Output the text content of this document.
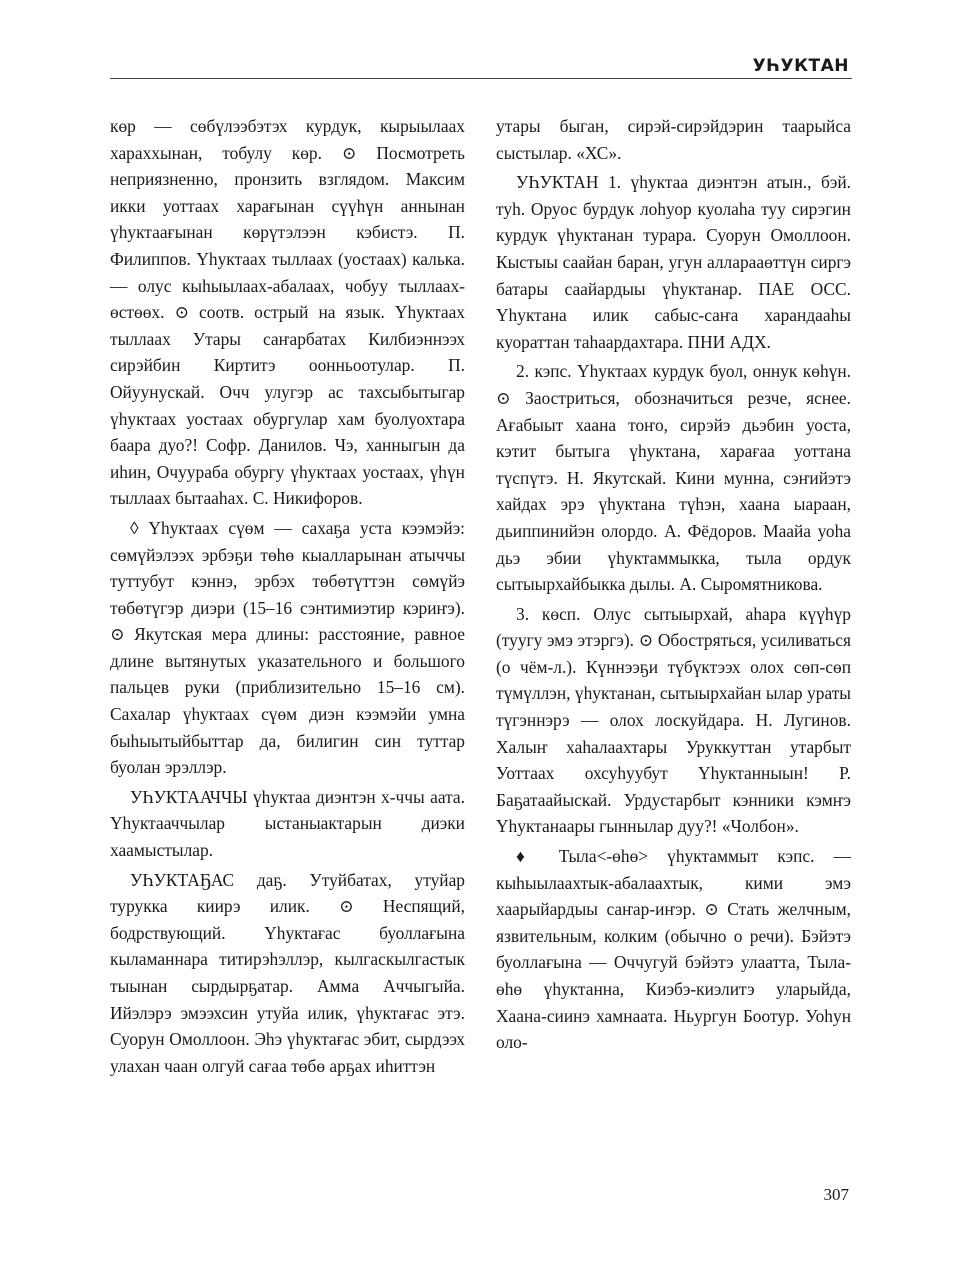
УҺУКТАН

көр — сөбүлээбэтэх курдук, кырыылаах хараххынан, тобулу көр. ⊙ Посмотреть неприязненно, пронзить взглядом. Максим икки уоттаах харағынан сүүһүн аннынан үһуктаағынан көрүтэлээн кэбистэ. П. Филиппов. Үһуктаах тыллаах (уостаах) калька. — олус кыһыылаах-абалаах, чобуу тыллаах-өстөөх. ⊙ соотв. острый на язык. Үһуктаах тыллаах Утары саҥарбатах Килбиэннээх сирэйбин Киртитэ оонньоотулар. П. Ойуунускай. Очч улугэр ас тахсыбытыгар үһуктаах уостаах обургулар хам буолуохтара баара дуо?! Софр. Данилов. Чэ, ханныгын да иһин, Очуураба обургу үһуктаах уостаах, үһүн тыллаах бытааһах. С. Никифоров.

◊ Үһуктаах сүөм — сахаҕа уста кээмэйэ: сөмүйэлээх эрбэҕи төһө кыалларынан атыччы туттубут кэннэ, эрбэх төбөтүттэн сөмүйэ төбөтүгэр диэри (15–16 сэнтимиэтир кэриҥэ). ⊙ Якутская мера длины: расстояние, равное длине вытянутых указательного и большого пальцев руки (приблизительно 15–16 см). Сахалар үһуктаах сүөм диэн кээмэйи умна быһыытыйбыттар да, билигин син туттар буолан эрэллэр.

УҺУКТААЧЧЫ үһуктаа диэнтэн х-ччы аата. Үһуктааччылар ыстаныактарын диэки хаамыстылар.

УҺУКТАҔАС даҕ. Утуйбатах, утуйар турукка киирэ илик. ⊙ Неспящий, бодрствующий. Үһуктағас буоллағына кыламаннара титирэһэллэр, кылгаскылгастык тыынан сырдырҕатар. Амма Аччыгыйа. Ийэлэрэ эмээхсин утуйа илик, үһуктағас этэ. Суорун Омоллоон. Эһэ үһуктағас эбит, сырдээх улахан чаан олгуй сағаа төбө арҕах иһиттэн

утары быган, сирэй-сирэйдэрин таарыйса сыстылар. «ХС».

УҺУКТАН 1. үһуктаа диэнтэн атын., бэй. туһ. Оруос бурдук лоһуор куолаһа туу сирэгин курдук үһуктанан турара. Суорун Омоллоон. Кыстыы саайан баран, угун алларааөттүн сиргэ батары саайардыы үһуктанар. ПАЕ ОСС. Үһуктана илик сабыс-саҥа харандааһы куораттан таһаардахтара. ПНИ АДХ.

2. кэпс. Үһуктаах курдук буол, оннук көһүн. ⊙ Заостриться, обозначиться резче, яснее. Ағабыыт хаана тоҥо, сирэйэ дьэбин уоста, кэтит бытыга үһуктана, харағаа уоттана түспүтэ. Н. Якутскай. Кини мунна, сэҥийэтэ хайдах эрэ үһуктана түһэн, хаана ыараан, дьиппинийэн олордо. А. Фёдоров. Маайа уоһа дьэ эбии үһуктаммыкка, тыла ордук сытыырхайбыкка дылы. А. Сыромятникова.

3. көсп. Олус сытыырхай, аһара күүһүр (туугу эмэ этэргэ). ⊙ Обостряться, усиливаться (о чём-л.). Күннээҕи түбүктээх олох сөп-сөп түмүллэн, үһуктанан, сытыырхайан ылар ураты түгэннэрэ — олох лоскуйдара. Н. Лугинов. Халыҥ хаһалаахтары Уруккуттан утарбыт Уоттаах охсуһуубут Үһуктанныын! Р. Баҕатаайыскай. Урдустарбыт кэнники кэмҥэ Үһуктанаары гыннылар дуу?! «Чолбон».

♦ Тыла<-өһө> үһуктаммыт кэпс. — кыһыылаахтык-абалаахтык, кими эмэ хаарыйардыы саҥар-иҥэр. ⊙ Стать желчным, язвительным, колким (обычно о речи). Бэйэтэ буоллағына — Оччугуй бэйэтэ улаатта, Тыла-өһө үһуктанна, Киэбэ-киэлитэ уларыйда, Хаана-сиинэ хамнаата. Ньургун Боотур. Уоһун оло-

307
